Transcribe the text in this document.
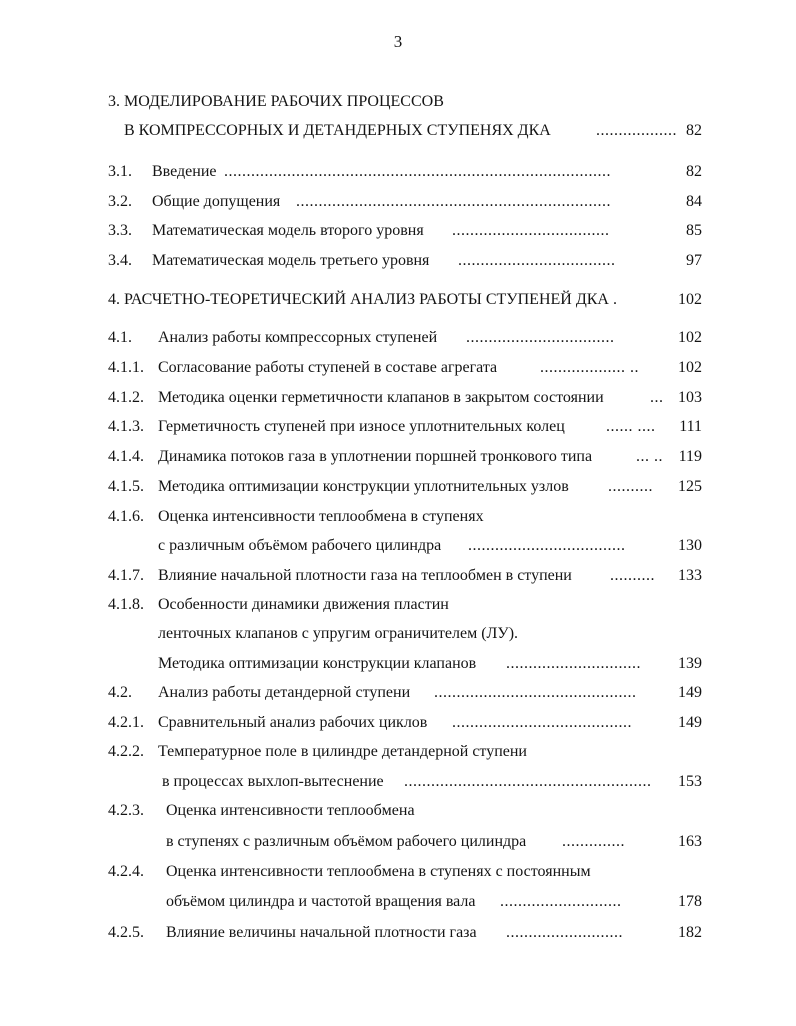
3
3. МОДЕЛИРОВАНИЕ РАБОЧИХ ПРОЦЕССОВ
В КОМПРЕССОРНЫХ И ДЕТАНДЕРНЫХ СТУПЕНЯХ ДКА	.................. 82
3.1. Введение ......................................................................................	82
3.2. Общие допущения ......................................................................	84
3.3. Математическая модель второго уровня ...................................	85
3.4. Математическая модель третьего уровня ...................................	97
4. РАСЧЕТНО-ТЕОРЕТИЧЕСКИЙ АНАЛИЗ РАБОТЫ СТУПЕНЕЙ ДКА .	102
4.1. Анализ работы компрессорных ступеней .................................	102
4.1.1. Согласование работы ступеней в составе агрегата	................... ..	102
4.1.2. Методика оценки герметичности клапанов в закрытом состоянии	... 103
4.1.3. Герметичность ступеней при износе уплотнительных колец	...... ....	111
4.1.4. Динамика потоков газа в уплотнении поршней тронкового типа	... .. 119
4.1.5. Методика оптимизации конструкции уплотнительных узлов ..........	125
4.1.6. Оценка интенсивности теплообмена в ступенях
с различным объёмом рабочего цилиндра ...................................	130
4.1.7. Влияние начальной плотности газа на теплообмен в ступени ..........	133
4.1.8. Особенности динамики движения пластин
ленточных клапанов с упругим ограничителем (ЛУ).
Методика оптимизации конструкции клапанов ..............................	139
4.2. Анализ работы детандерной ступени .............................................	149
4.2.1. Сравнительный анализ рабочих циклов ........................................	149
4.2.2. Температурное поле в цилиндре детандерной ступени
в процессах выхлоп-вытеснение .......................................................	153
4.2.3. Оценка интенсивности теплообмена
в ступенях с различным объёмом рабочего цилиндра ..............	163
4.2.4. Оценка интенсивности теплообмена в ступенях с постоянным
объёмом цилиндра и частотой вращения вала ...........................	178
4.2.5. Влияние величины начальной плотности газа ..........................	182
